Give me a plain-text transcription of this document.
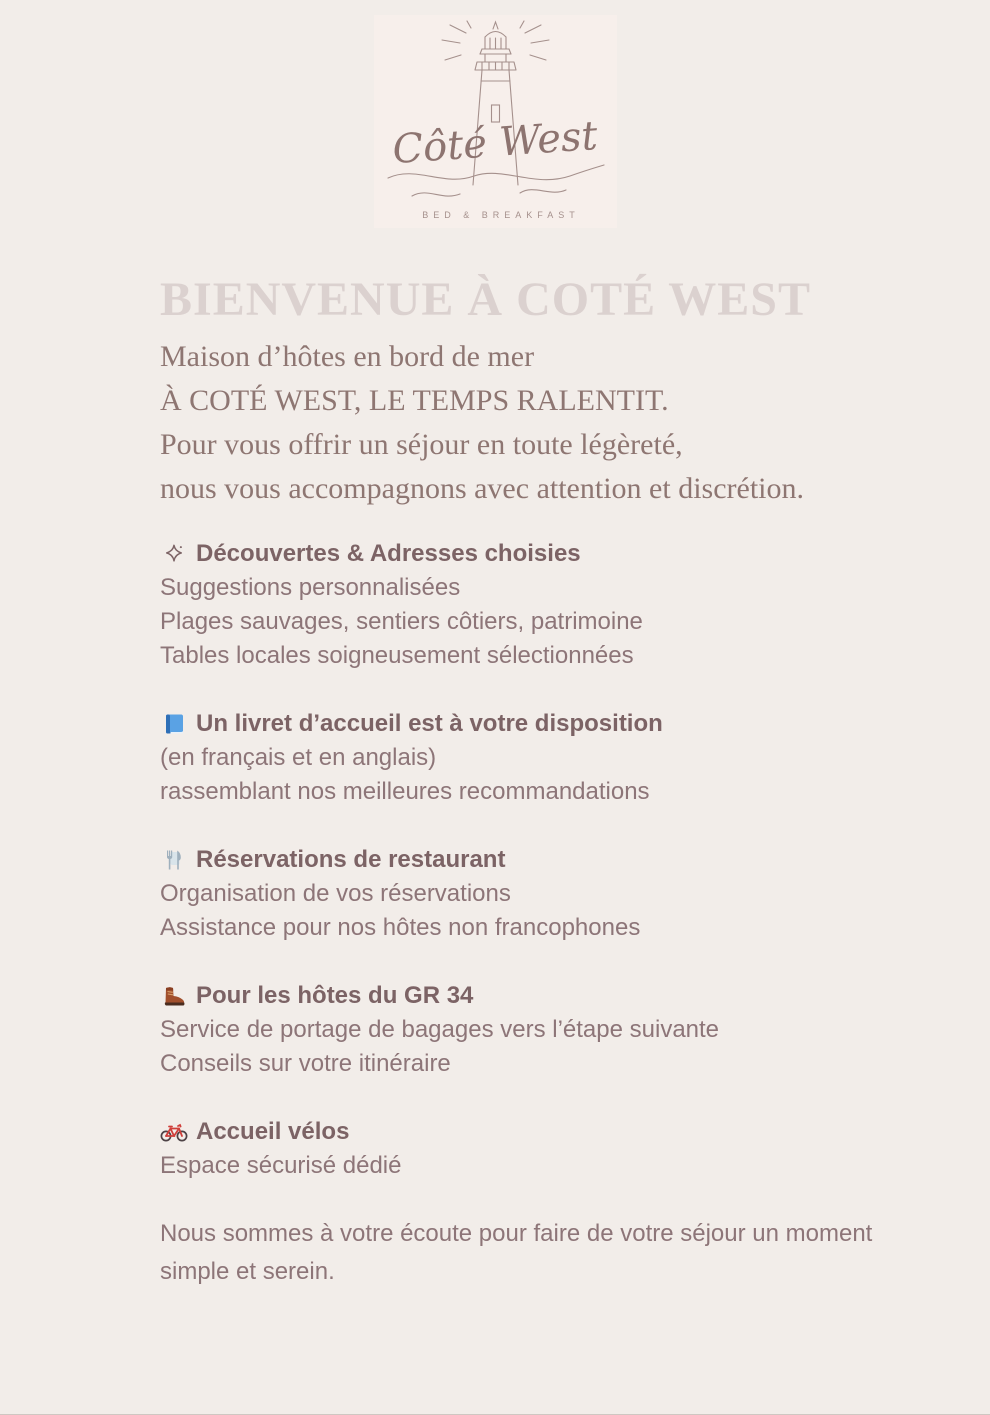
Côté West
BED & BREAKFAST
BIENVENUE À COTÉ WEST
Maison d’hôtes en bord de mer
À COTÉ WEST, LE TEMPS RALENTIT.
Pour vous offrir un séjour en toute légèreté,
nous vous accompagnons avec attention et discrétion.
Découvertes & Adresses choisies
Suggestions personnalisées
Plages sauvages, sentiers côtiers, patrimoine
Tables locales soigneusement sélectionnées
Un livret d’accueil est à votre disposition
(en français et en anglais)
rassemblant nos meilleures recommandations
Réservations de restaurant
Organisation de vos réservations
Assistance pour nos hôtes non francophones
Pour les hôtes du GR 34
Service de portage de bagages vers l’étape suivante
Conseils sur votre itinéraire
Accueil vélos
Espace sécurisé dédié

Nous sommes à votre écoute pour faire de votre séjour un moment simple et serein.
